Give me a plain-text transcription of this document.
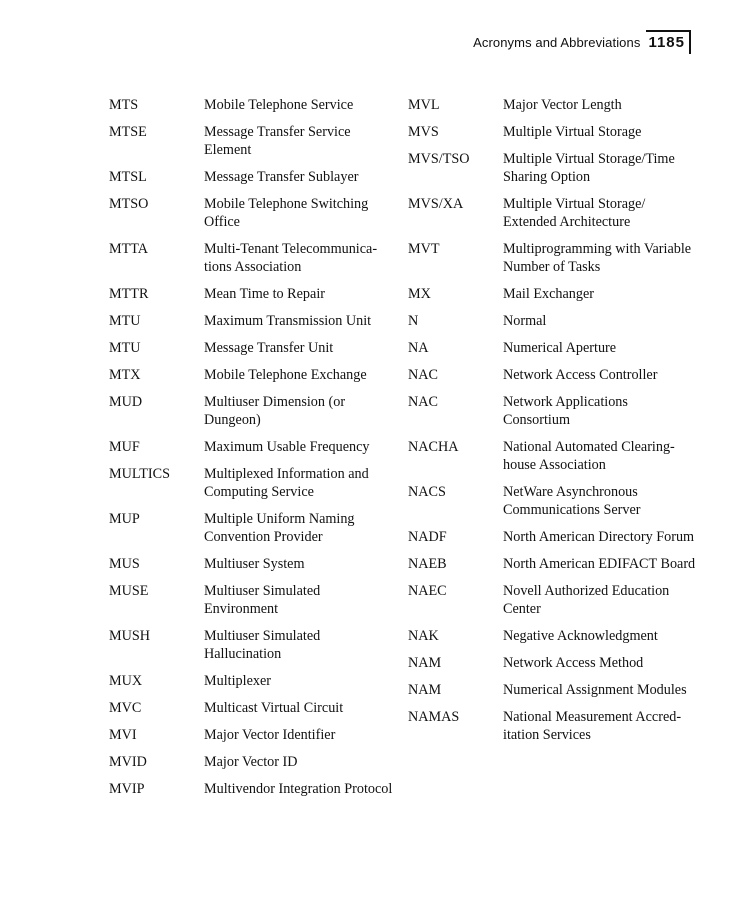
Acronyms and Abbreviations 1185
MTS	Mobile Telephone Service
MTSE	Message Transfer Service Element
MTSL	Message Transfer Sublayer
MTSO	Mobile Telephone Switching Office
MTTA	Multi-Tenant Telecommunica-tions Association
MTTR	Mean Time to Repair
MTU	Maximum Transmission Unit
MTU	Message Transfer Unit
MTX	Mobile Telephone Exchange
MUD	Multiuser Dimension (or Dungeon)
MUF	Maximum Usable Frequency
MULTICS	Multiplexed Information and Computing Service
MUP	Multiple Uniform Naming Convention Provider
MUS	Multiuser System
MUSE	Multiuser Simulated Environment
MUSH	Multiuser Simulated Hallucination
MUX	Multiplexer
MVC	Multicast Virtual Circuit
MVI	Major Vector Identifier
MVID	Major Vector ID
MVIP	Multivendor Integration Protocol
MVL	Major Vector Length
MVS	Multiple Virtual Storage
MVS/TSO	Multiple Virtual Storage/Time Sharing Option
MVS/XA	Multiple Virtual Storage/ Extended Architecture
MVT	Multiprogramming with Variable Number of Tasks
MX	Mail Exchanger
N	Normal
NA	Numerical Aperture
NAC	Network Access Controller
NAC	Network Applications Consortium
NACHA	National Automated Clearing-house Association
NACS	NetWare Asynchronous Communications Server
NADF	North American Directory Forum
NAEB	North American EDIFACT Board
NAEC	Novell Authorized Education Center
NAK	Negative Acknowledgment
NAM	Network Access Method
NAM	Numerical Assignment Modules
NAMAS	National Measurement Accred-itation Services
